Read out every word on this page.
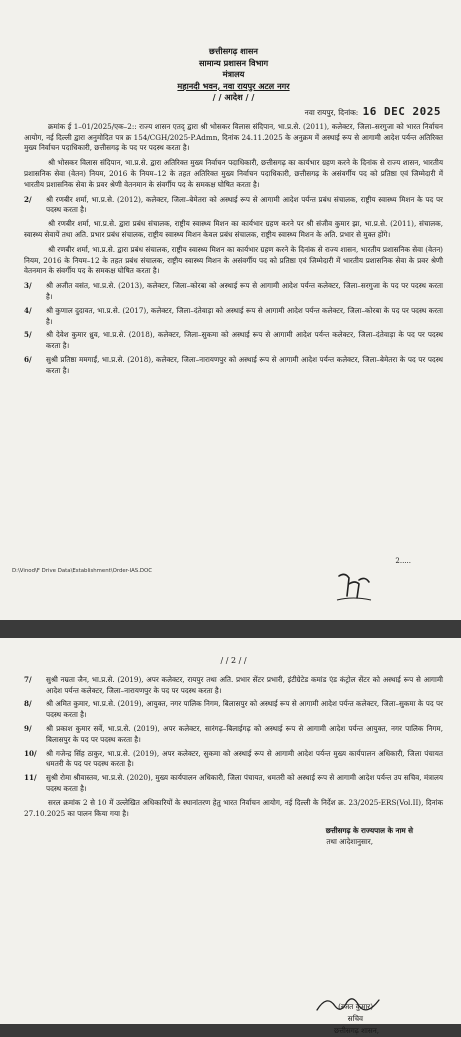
छत्तीसगढ़ शासन
सामान्य प्रशासन विभाग
मंत्रालय
महानदी भवन, नवा रायपुर अटल नगर
/ / आदेश / /
नवा रायपुर, दिनांक: 16 DEC 2025

क्रमांक ई 1–01/2025/एक–2:: राज्य शासन एतद् द्वारा श्री भोसकर विलास संदिपान, भा.प्र.से. (2011), कलेक्टर, जिला–सरगुजा को भारत निर्वाचन आयोग, नई दिल्ली द्वारा अनुमोदित पत्र क्र 154/CGH/2025-P.Admn, दिनांक 24.11.2025 के अनुक्रम में अस्थाई रूप से आगामी आदेश पर्यन्त अतिरिक्त मुख्य निर्वाचन पदाधिकारी, छत्तीसगढ़ के पद पर पदस्थ करता है।

श्री भोसकर विलास संदिपान, भा.प्र.से. द्वारा अतिरिक्त मुख्य निर्वाचन पदाधिकारी, छत्तीसगढ़ का कार्यभार ग्रहण करने के दिनांक से राज्य शासन, भारतीय प्रशासनिक सेवा (वेतन) नियम, 2016 के नियम–12 के तहत अतिरिक्त मुख्य निर्वाचन पदाधिकारी, छत्तीसगढ़ के असंवर्गीय पद को प्रतिष्ठा एवं जिम्मेदारी में भारतीय प्रशासनिक सेवा के प्रवर श्रेणी वेतनमान के संवर्गीय पद के समकक्ष घोषित करता है।

2/	श्री रणबीर शर्मा, भा.प्र.से. (2012), कलेक्टर, जिला–बेमेतरा को अस्थाई रूप से आगामी आदेश पर्यन्त प्रबंध संचालक, राष्ट्रीय स्वास्थ्य मिशन के पद पर पदस्थ करता है।

श्री रणबीर शर्मा, भा.प्र.से. द्वारा प्रबंध संचालक, राष्ट्रीय स्वास्थ्य मिशन का कार्यभार ग्रहण करने पर श्री संजीव कुमार झा, भा.प्र.से. (2011), संचालक, स्वास्थ्य सेवायें तथा अति. प्रभार प्रबंध संचालक, राष्ट्रीय स्वास्थ्य मिशन केवल प्रबंध संचालक, राष्ट्रीय स्वास्थ्य मिशन के अति. प्रभार से मुक्त होंगे।

श्री रणबीर शर्मा, भा.प्र.से. द्वारा प्रबंध संचालक, राष्ट्रीय स्वास्थ्य मिशन का कार्यभार ग्रहण करने के दिनांक से राज्य शासन, भारतीय प्रशासनिक सेवा (वेतन) नियम, 2016 के नियम–12 के तहत प्रबंध संचालक, राष्ट्रीय स्वास्थ्य मिशन के असंवर्गीय पद को प्रतिष्ठा एवं जिम्मेदारी में भारतीय प्रशासनिक सेवा के प्रवर श्रेणी वेतनमान के संवर्गीय पद के समकक्ष घोषित करता है।

3/	श्री अजीत वसंत, भा.प्र.से. (2013), कलेक्टर, जिला–कोरबा को अस्थाई रूप से आगामी आदेश पर्यन्त कलेक्टर, जिला–सरगुजा के पद पर पदस्थ करता है।
4/	श्री कुणाल दुदावत, भा.प्र.से. (2017), कलेक्टर, जिला–दंतेवाड़ा को अस्थाई रूप से आगामी आदेश पर्यन्त कलेक्टर, जिला–कोरबा के पद पर पदस्थ करता है।
5/	श्री देवेश कुमार ध्रुव, भा.प्र.से. (2018), कलेक्टर, जिला–सुकमा को अस्थाई रूप से आगामी आदेश पर्यन्त कलेक्टर, जिला–दंतेवाड़ा के पद पर पदस्थ करता है।
6/	सुश्री प्रतिष्ठा ममगाईं, भा.प्र.से. (2018), कलेक्टर, जिला–नारायणपुर को अस्थाई रूप से आगामी आदेश पर्यन्त कलेक्टर, जिला–बेमेतरा के पद पर पदस्थ करता है।
2.....
D:\Vinod\F Drive Data\Establishment\Order-IAS.DOC
/ / 2 / /
7/	सुश्री नम्रता जैन, भा.प्र.से. (2019), अपर कलेक्टर, रायपुर तथा अति. प्रभार सेंटर प्रभारी, इंटीग्रेटेड कमांड एंड कंट्रोल सेंटर को अस्थाई रूप से आगामी आदेश पर्यन्त कलेक्टर, जिला–नारायणपुर के पद पर पदस्थ करता है।
8/	श्री अमित कुमार, भा.प्र.से. (2019), आयुक्त, नगर पालिक निगम, बिलासपुर को अस्थाई रूप से आगामी आदेश पर्यन्त कलेक्टर, जिला–सुकमा के पद पर पदस्थ करता है।
9/	श्री प्रकाश कुमार सर्वे, भा.प्र.से. (2019), अपर कलेक्टर, सारंगढ़–बिलाईगढ़ को अस्थाई रूप से आगामी आदेश पर्यन्त आयुक्त, नगर पालिक निगम, बिलासपुर के पद पर पदस्थ करता है।
10/	श्री गजेन्द्र सिंह ठाकुर, भा.प्र.से. (2019), अपर कलेक्टर, सुकमा को अस्थाई रूप से आगामी आदेश पर्यन्त मुख्य कार्यपालन अधिकारी, जिला पंचायत धमतरी के पद पर पदस्थ करता है।
11/	सुश्री रोमा श्रीवास्तव, भा.प्र.से. (2020), मुख्य कार्यपालन अधिकारी, जिला पंचायत, धमतरी को अस्थाई रूप से आगामी आदेश पर्यन्त उप सचिव, मंत्रालय पदस्थ करता है।

सरल क्रमांक 2 से 10 में उल्लेखित अधिकारियों के स्थानांतरण हेतु भारत निर्वाचन आयोग, नई दिल्ली के निर्देश क्र. 23/2025-ERS(Vol.II), दिनांक 27.10.2025 का पालन किया गया है।

छत्तीसगढ़ के राज्यपाल के नाम से
तथा आदेशानुसार,
(रजत कुमार)
सचिव
छत्तीसगढ़ शासन,
